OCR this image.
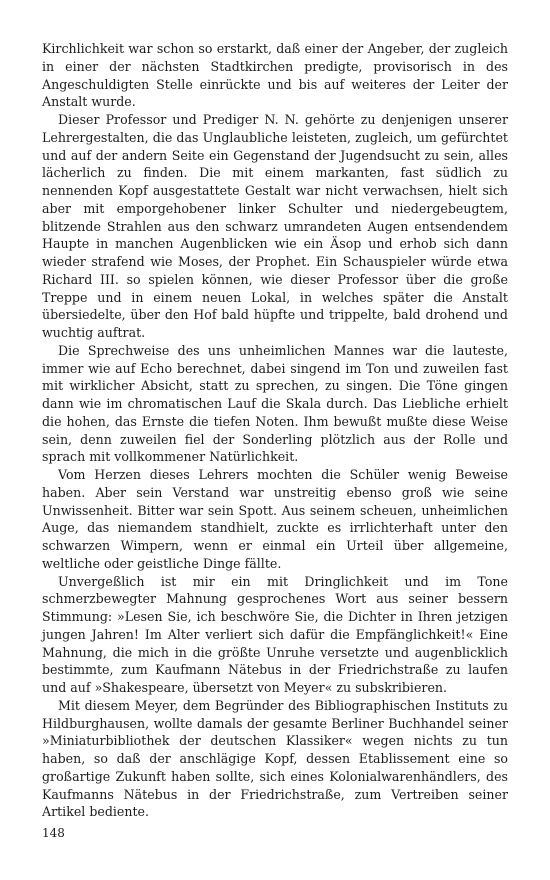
Kirchlichkeit war schon so erstarkt, daß einer der Angeber, der zugleich in einer der nächsten Stadtkirchen predigte, provisorisch in des Angeschuldigten Stelle einrückte und bis auf weiteres der Leiter der Anstalt wurde.

Dieser Professor und Prediger N. N. gehörte zu denjenigen unserer Lehrergestalten, die das Unglaubliche leisteten, zugleich, um gefürchtet und auf der andern Seite ein Gegenstand der Jugendsucht zu sein, alles lächerlich zu finden. Die mit einem markanten, fast südlich zu nennenden Kopf ausgestattete Gestalt war nicht verwachsen, hielt sich aber mit emporgehobener linker Schulter und niedergebeugtem, blitzende Strahlen aus den schwarz umrandeten Augen entsendendem Haupte in manchen Augenblicken wie ein Äsop und erhob sich dann wieder strafend wie Moses, der Prophet. Ein Schauspieler würde etwa Richard III. so spielen können, wie dieser Professor über die große Treppe und in einem neuen Lokal, in welches später die Anstalt übersiedelte, über den Hof bald hüpfte und trippelte, bald drohend und wuchtig auftrat.

Die Sprechweise des uns unheimlichen Mannes war die lauteste, immer wie auf Echo berechnet, dabei singend im Ton und zuweilen fast mit wirklicher Absicht, statt zu sprechen, zu singen. Die Töne gingen dann wie im chromatischen Lauf die Skala durch. Das Liebliche erhielt die hohen, das Ernste die tiefen Noten. Ihm bewußt mußte diese Weise sein, denn zuweilen fiel der Sonderling plötzlich aus der Rolle und sprach mit vollkommener Natürlichkeit.

Vom Herzen dieses Lehrers mochten die Schüler wenig Beweise haben. Aber sein Verstand war unstreitig ebenso groß wie seine Unwissenheit. Bitter war sein Spott. Aus seinem scheuen, unheimlichen Auge, das niemandem standhielt, zuckte es irrlichterhaft unter den schwarzen Wimpern, wenn er einmal ein Urteil über allgemeine, weltliche oder geistliche Dinge fällte.

Unvergeßlich ist mir ein mit Dringlichkeit und im Tone schmerzbewegter Mahnung gesprochenes Wort aus seiner bessern Stimmung: »Lesen Sie, ich beschwöre Sie, die Dichter in Ihren jetzigen jungen Jahren! Im Alter verliert sich dafür die Empfänglichkeit!« Eine Mahnung, die mich in die größte Unruhe versetzte und augenblicklich bestimmte, zum Kaufmann Nätebus in der Friedrichstraße zu laufen und auf »Shakespeare, übersetzt von Meyer« zu subskribieren.

Mit diesem Meyer, dem Begründer des Bibliographischen Instituts zu Hildburghausen, wollte damals der gesamte Berliner Buchhandel seiner »Miniaturbibliothek der deutschen Klassiker« wegen nichts zu tun haben, so daß der anschlägige Kopf, dessen Etablissement eine so großartige Zukunft haben sollte, sich eines Kolonialwarenhändlers, des Kaufmanns Nätebus in der Friedrichstraße, zum Vertreiben seiner Artikel bediente.

148
